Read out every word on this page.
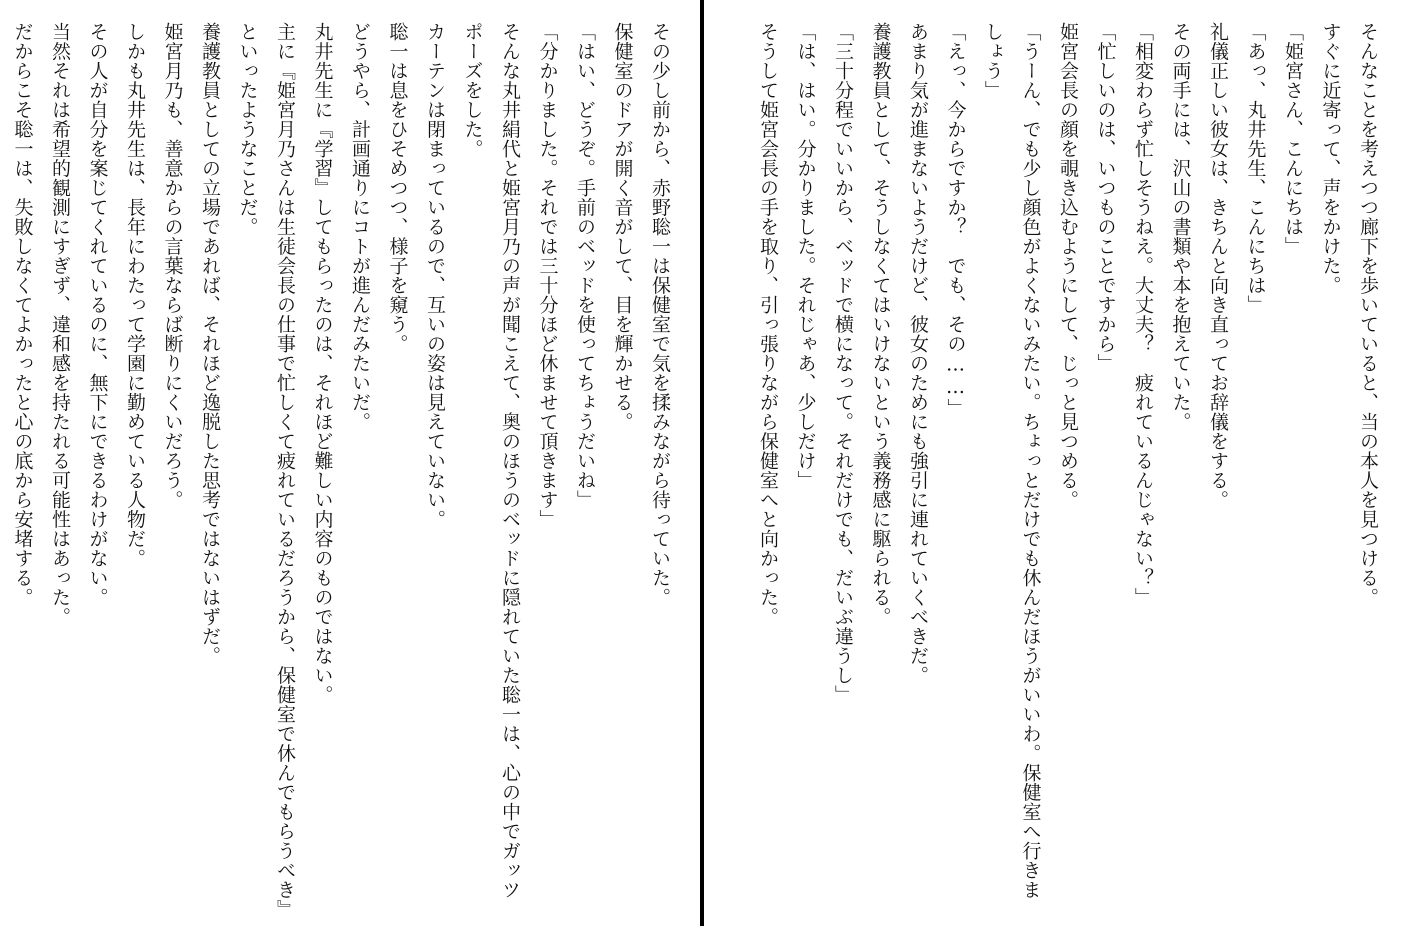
その少し前から、赤野聡一は保健室で気を揉みながら待っていた。
保健室のドアが開く音がして、目を輝かせる。
「はい、どうぞ。手前のベッドを使ってちょうだいね」
「分かりました。それでは三十分ほど休ませて頂きます」
そんな丸井絹代と姫宮月乃の声が聞こえて、奥のほうのベッドに隠れていた聡一は、心の中でガッツポーズをした。
カーテンは閉まっているので、互いの姿は見えていない。
聡一は息をひそめつつ、様子を窺う。
どうやら、計画通りにコトが進んだみたいだ。
丸井先生に『学習』してもらったのは、それほど難しい内容のものではない。
主に『姫宮月乃さんは生徒会長の仕事で忙しくて疲れているだろうから、保健室で休んでもらうべき』といったようなことだ。
養護教員としての立場であれば、それほど逸脱した思考ではないはずだ。
姫宮月乃も、善意からの言葉ならば断りにくいだろう。
しかも丸井先生は、長年にわたって学園に勤めている人物だ。
その人が自分を案じてくれているのに、無下にできるわけがない。
当然それは希望的観測にすぎず、違和感を持たれる可能性はあった。
だからこそ聡一は、失敗しなくてよかったと心の底から安堵する。	そんなことを考えつつ廊下を歩いていると、当の本人を見つける。
すぐに近寄って、声をかけた。
「姫宮さん、こんにちは」
「あっ、丸井先生、こんにちは」
礼儀正しい彼女は、きちんと向き直ってお辞儀をする。
その両手には、沢山の書類や本を抱えていた。
「相変わらず忙しそうねえ。大丈夫？　疲れているんじゃない？」
「忙しいのは、いつものことですから」
姫宮会長の顔を覗き込むようにして、じっと見つめる。
「うーん、でも少し顔色がよくないみたい。ちょっとだけでも休んだほうがいいわ。保健室へ行きましょう」
「えっ、今からですか？　でも、その……」
あまり気が進まないようだけど、彼女のためにも強引に連れていくべきだ。
養護教員として、そうしなくてはいけないという義務感に駆られる。
「三十分程でいいから、ベッドで横になって。それだけでも、だいぶ違うし」
「は、はい。分かりました。それじゃあ、少しだけ」
そうして姫宮会長の手を取り、引っ張りながら保健室へと向かった。
